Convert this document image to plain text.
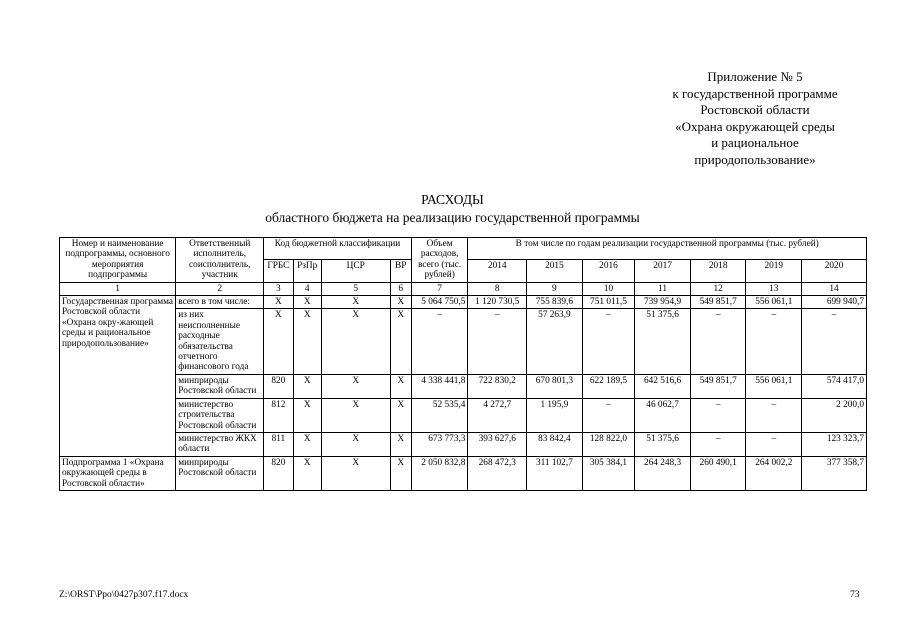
Приложение № 5
к государственной программе
Ростовской области
«Охрана окружающей среды
и рациональное
природопользование»
РАСХОДЫ
областного бюджета на реализацию государственной программы
Номер и наименование подпрограммы, основного мероприятия подпрограммы	Ответственный исполнитель, соисполнитель, участник	Код бюджетной классификации				Объем расходов, всего (тыс. рублей)	В том числе по годам реализации государственной программы (тыс. рублей)						
		ГРБС	РзПр	ЦСР	ВР		2014	2015	2016	2017	2018	2019	2020
1	2	3	4	5	6	7	8	9	10	11	12	13	14
Государственная программа Ростовской области «Охрана окру-жающей среды и рациональное природопользование»	всего в том числе:	Х	Х	Х	Х	5 064 750,5	1 120 730,5	755 839,6	751 011,5	739 954,9	549 851,7	556 061,1	699 940,7
	из них неисполненные расходные обязательства отчетного финансового года	Х	Х	Х	Х	–	–	57 263,9	–	51 375,6	–	–	–
	минприроды Ростовской области	820	Х	Х	Х	4 338 441,8	722 830,2	670 801,3	622 189,5	642 516,6	549 851,7	556 061,1	574 417,0
	министерство строительства Ростовской области	812	Х	Х	Х	52 535,4	4 272,7	1 195,9	–	46 062,7	–	–	2 200,0
	министерство ЖКХ области	811	Х	Х	Х	673 773,3	393 627,6	83 842,4	128 822,0	51 375,6	–	–	123 323,7
Подпрограмма 1 «Охрана окружающей среды в Ростовской области»	минприроды Ростовской области	820	Х	Х	Х	2 050 832,8	268 472,3	311 102,7	305 384,1	264 248,3	260 490,1	264 002,2	377 358,7
Z:\ORST\Ppo\0427p307.f17.docx	73
